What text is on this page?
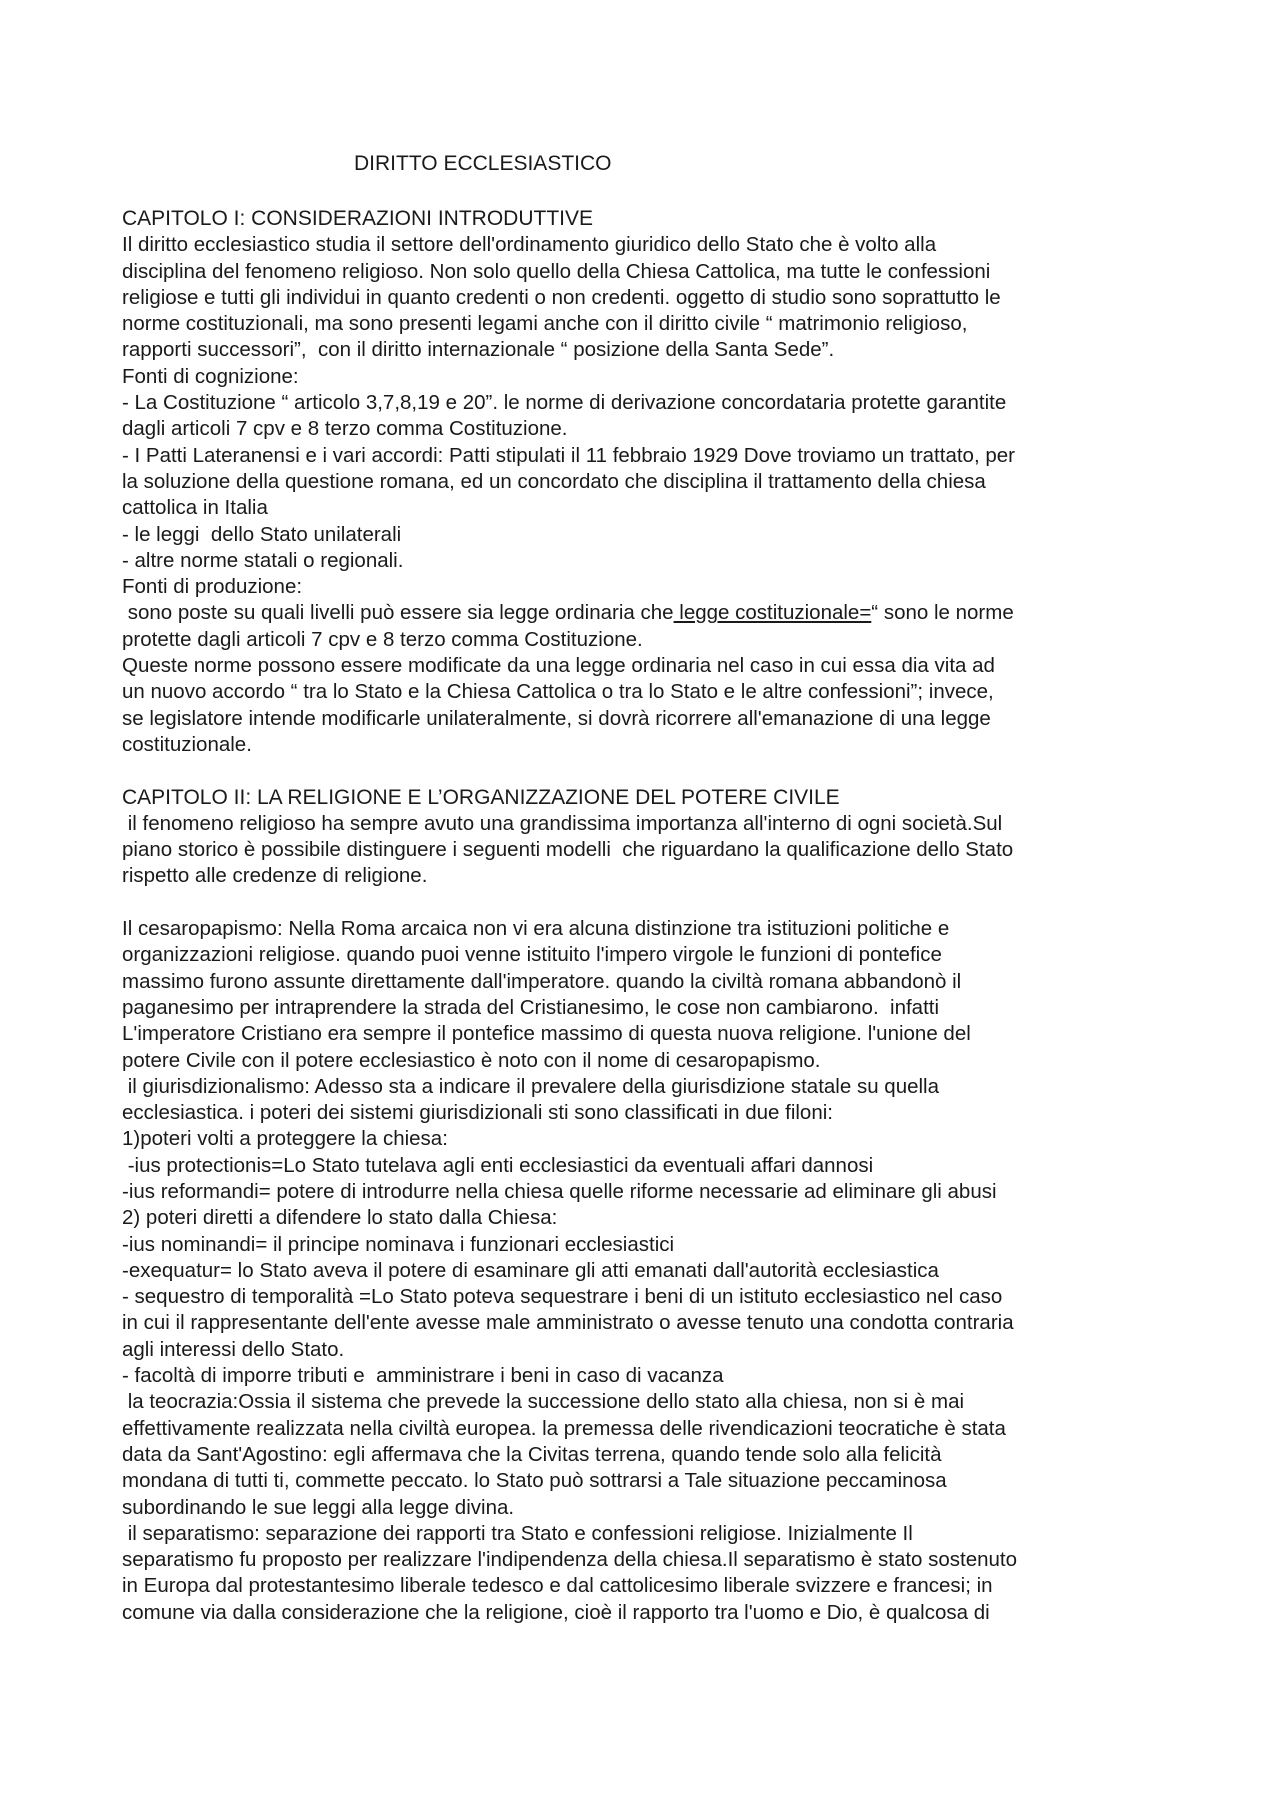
DIRITTO ECCLESIASTICO
CAPITOLO I: CONSIDERAZIONI INTRODUTTIVE
Il diritto ecclesiastico studia il settore dell'ordinamento giuridico dello Stato che è volto alla
disciplina del fenomeno religioso. Non solo quello della Chiesa Cattolica, ma tutte le confessioni
religiose e tutti gli individui in quanto credenti o non credenti. oggetto di studio sono soprattutto le
norme costituzionali, ma sono presenti legami anche con il diritto civile “ matrimonio religioso,
rapporti successori”,  con il diritto internazionale “ posizione della Santa Sede”.
Fonti di cognizione:
- La Costituzione “ articolo 3,7,8,19 e 20”. le norme di derivazione concordataria protette garantite
dagli articoli 7 cpv e 8 terzo comma Costituzione.
- I Patti Lateranensi e i vari accordi: Patti stipulati il 11 febbraio 1929 Dove troviamo un trattato, per
la soluzione della questione romana, ed un concordato che disciplina il trattamento della chiesa
cattolica in Italia
- le leggi  dello Stato unilaterali
- altre norme statali o regionali.
Fonti di produzione:
sono poste su quali livelli può essere sia legge ordinaria che legge costituzionale=“ sono le norme
protette dagli articoli 7 cpv e 8 terzo comma Costituzione.
Queste norme possono essere modificate da una legge ordinaria nel caso in cui essa dia vita ad
un nuovo accordo “ tra lo Stato e la Chiesa Cattolica o tra lo Stato e le altre confessioni”; invece,
se legislatore intende modificarle unilateralmente, si dovrà ricorrere all'emanazione di una legge
costituzionale.
CAPITOLO II: LA RELIGIONE E L’ORGANIZZAZIONE DEL POTERE CIVILE
il fenomeno religioso ha sempre avuto una grandissima importanza all'interno di ogni società.Sul
piano storico è possibile distinguere i seguenti modelli  che riguardano la qualificazione dello Stato
rispetto alle credenze di religione.
Il cesaropapismo: Nella Roma arcaica non vi era alcuna distinzione tra istituzioni politiche e
organizzazioni religiose. quando puoi venne istituito l'impero virgole le funzioni di pontefice
massimo furono assunte direttamente dall'imperatore. quando la civiltà romana abbandonò il
paganesimo per intraprendere la strada del Cristianesimo, le cose non cambiarono.  infatti
L'imperatore Cristiano era sempre il pontefice massimo di questa nuova religione. l'unione del
potere Civile con il potere ecclesiastico è noto con il nome di cesaropapismo.
il giurisdizionalismo: Adesso sta a indicare il prevalere della giurisdizione statale su quella
ecclesiastica. i poteri dei sistemi giurisdizionali sti sono classificati in due filoni:
1)poteri volti a proteggere la chiesa:
-ius protectionis=Lo Stato tutelava agli enti ecclesiastici da eventuali affari dannosi
-ius reformandi= potere di introdurre nella chiesa quelle riforme necessarie ad eliminare gli abusi
2) poteri diretti a difendere lo stato dalla Chiesa:
-ius nominandi= il principe nominava i funzionari ecclesiastici
-exequatur= lo Stato aveva il potere di esaminare gli atti emanati dall'autorità ecclesiastica
- sequestro di temporalità =Lo Stato poteva sequestrare i beni di un istituto ecclesiastico nel caso
in cui il rappresentante dell'ente avesse male amministrato o avesse tenuto una condotta contraria
agli interessi dello Stato.
- facoltà di imporre tributi e  amministrare i beni in caso di vacanza
la teocrazia:Ossia il sistema che prevede la successione dello stato alla chiesa, non si è mai
effettivamente realizzata nella civiltà europea. la premessa delle rivendicazioni teocratiche è stata
data da Sant'Agostino: egli affermava che la Civitas terrena, quando tende solo alla felicità
mondana di tutti ti, commette peccato. lo Stato può sottrarsi a Tale situazione peccaminosa
subordinando le sue leggi alla legge divina.
il separatismo: separazione dei rapporti tra Stato e confessioni religiose. Inizialmente Il
separatismo fu proposto per realizzare l'indipendenza della chiesa.Il separatismo è stato sostenuto
in Europa dal protestantesimo liberale tedesco e dal cattolicesimo liberale svizzere e francesi; in
comune via dalla considerazione che la religione, cioè il rapporto tra l'uomo e Dio, è qualcosa di
